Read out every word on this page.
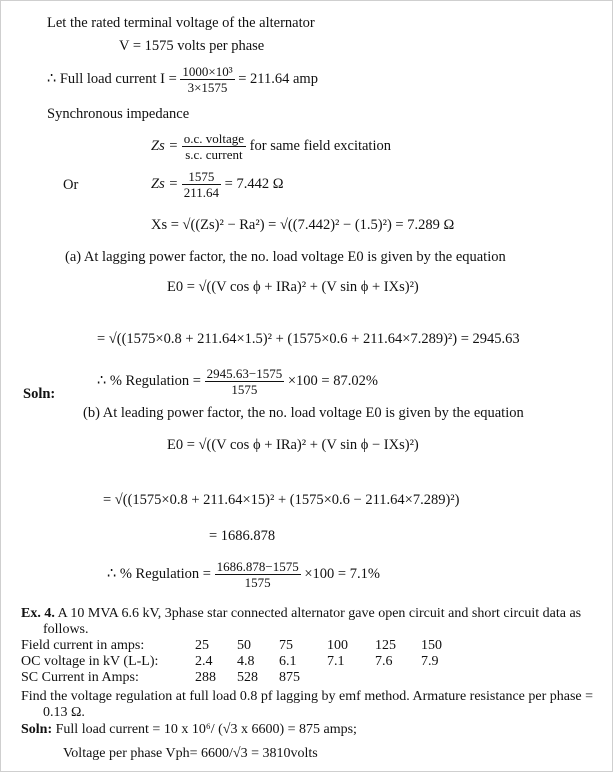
Let the rated terminal voltage of the alternator
V = 1575 volts per phase
∴ Full load current $I = \frac{\text{1000×10³}}{3\times 1575} = 211.64$ amp
Synchronous impedance
$Zs = \frac{\text{o.c. voltage}}{\text{s.c. current}}$ for same field excitation
Or	$Zs = \frac{1575}{211.64} = 7.442$ Ω
Xs = √((Zs)² − Ra²) = √((7.442)² − (1.5)²) = 7.289 Ω
(a) At lagging power factor, the no. load voltage E0 is given by the equation
E0 = √((V cos ϕ + IRa)² + (V sin ϕ + IXs)²)
= √((1575×0.8 + 211.64×1.5)² + (1575×0.6 + 211.64×7.289)²) = 2945.63
∴ % Regulation = $\frac{2945.63-1575}{1575} \times 100 = 87.02\%$
Soln:
(b) At leading power factor, the no. load voltage E0 is given by the equation
E0 = √((V cos ϕ + IRa)² + (V sin ϕ − IXs)²)
= √((1575×0.8 + 211.64×15)² + (1575×0.6 − 211.64×7.289)²)
= 1686.878
∴ % Regulation = $\frac{1686.878-1575}{1575} \times 100 = 7.1\%$
Ex. 4. A 10 MVA 6.6 kV, 3phase star connected alternator gave open circuit and short circuit data as
follows.
Field current in amps:	25	50	75	100	125	150
OC voltage in kV (L-L):	2.4	4.8	6.1	7.1	7.6	7.9
SC Current in Amps:	288	528	875			
Find the voltage regulation at full load 0.8 pf lagging by emf method. Armature resistance per phase =
0.13 Ω.
Soln: Full load current = 10 x 10⁶/ (√3 x 6600) = 875 amps;
Voltage per phase Vph= 6600/√3 = 3810volts
